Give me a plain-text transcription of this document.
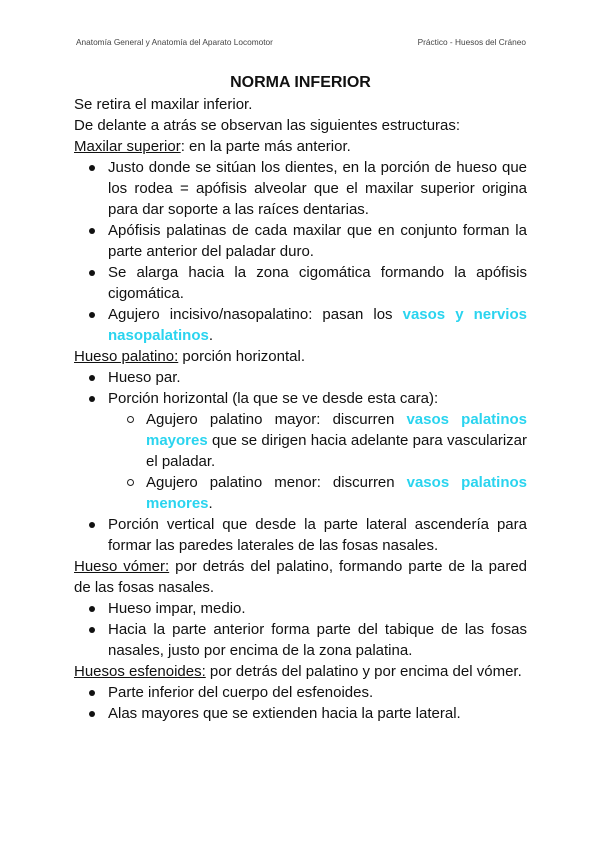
Anatomía General y Anatomía del Aparato Locomotor	Práctico - Huesos del Cráneo

NORMA INFERIOR

Se retira el maxilar inferior.

De delante a atrás se observan las siguientes estructuras:

Maxilar superior: en la parte más anterior.

Justo donde se sitúan los dientes, en la porción de hueso que los rodea = apófisis alveolar que el maxilar superior origina para dar soporte a las raíces dentarias.
Apófisis palatinas de cada maxilar que en conjunto forman la parte anterior del paladar duro.
Se alarga hacia la zona cigomática formando la apófisis cigomática.
Agujero incisivo/nasopalatino: pasan los vasos y nervios nasopalatinos.

Hueso palatino: porción horizontal.

Hueso par.
Porción horizontal (la que se ve desde esta cara):
Agujero palatino mayor: discurren vasos palatinos mayores que se dirigen hacia adelante para vascularizar el paladar.
Agujero palatino menor: discurren vasos palatinos menores.
Porción vertical que desde la parte lateral ascendería para formar las paredes laterales de las fosas nasales.

Hueso vómer: por detrás del palatino, formando parte de la pared de las fosas nasales.

Hueso impar, medio.
Hacia la parte anterior forma parte del tabique de las fosas nasales, justo por encima de la zona palatina.

Huesos esfenoides: por detrás del palatino y por encima del vómer.

Parte inferior del cuerpo del esfenoides.
Alas mayores que se extienden hacia la parte lateral.
